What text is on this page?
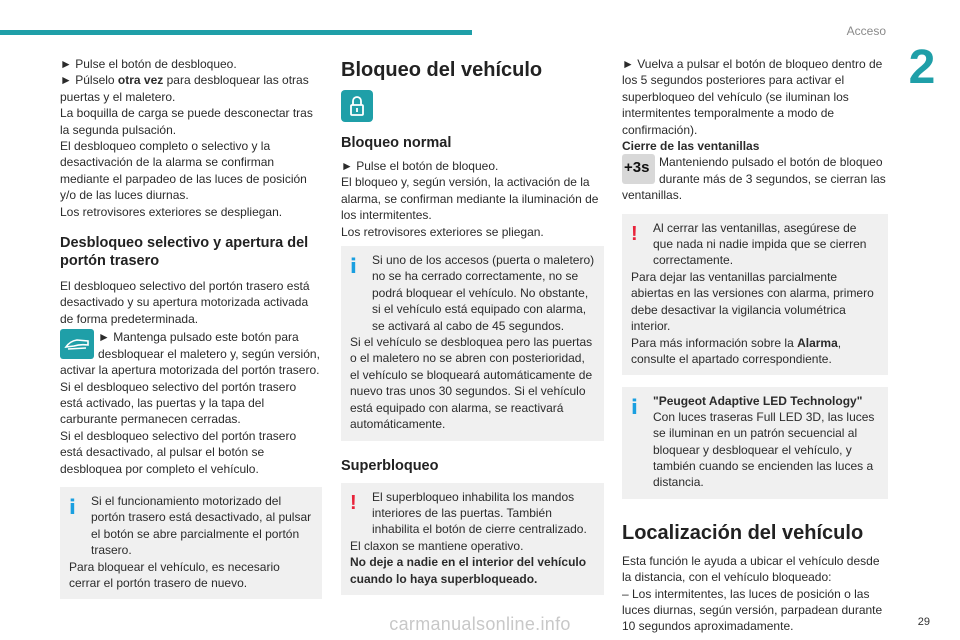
Acceso
2

► Pulse el botón de desbloqueo.

► Púlselo otra vez para desbloquear las otras puertas y el maletero.

La boquilla de carga se puede desconectar tras la segunda pulsación.

El desbloqueo completo o selectivo y la desactivación de la alarma se confirman mediante el parpadeo de las luces de posición y/o de las luces diurnas.

Los retrovisores exteriores se despliegan.

Desbloqueo selectivo y apertura del portón trasero

El desbloqueo selectivo del portón trasero está desactivado y su apertura motorizada activada de forma predeterminada.

► Mantenga pulsado este botón para desbloquear el maletero y, según versión, activar la apertura motorizada del portón trasero.

Si el desbloqueo selectivo del portón trasero está activado, las puertas y la tapa del carburante permanecen cerradas.

Si el desbloqueo selectivo del portón trasero está desactivado, al pulsar el botón se desbloquea por completo el vehículo.

i	Si el funcionamiento motorizado del portón trasero está desactivado, al pulsar el botón se abre parcialmente el portón trasero.

Para bloquear el vehículo, es necesario cerrar el portón trasero de nuevo.

Bloqueo del vehículo
Bloqueo normal

► Pulse el botón de bloqueo.

El bloqueo y, según versión, la activación de la alarma, se confirman mediante la iluminación de los intermitentes.

Los retrovisores exteriores se pliegan.

i	Si uno de los accesos (puerta o maletero) no se ha cerrado correctamente, no se podrá bloquear el vehículo. No obstante, si el vehículo está equipado con alarma, se activará al cabo de 45 segundos.

Si el vehículo se desbloquea pero las puertas o el maletero no se abren con posterioridad, el vehículo se bloqueará automáticamente de nuevo tras unos 30 segundos. Si el vehículo está equipado con alarma, se reactivará automáticamente.

Superbloqueo
!	El superbloqueo inhabilita los mandos interiores de las puertas. También inhabilita el botón de cierre centralizado.

El claxon se mantiene operativo.

No deje a nadie en el interior del vehículo cuando lo haya superbloqueado.

► Vuelva a pulsar el botón de bloqueo dentro de los 5 segundos posteriores para activar el superbloqueo del vehículo (se iluminan los intermitentes temporalmente a modo de confirmación).

Cierre de las ventanillas

+3s Manteniendo pulsado el botón de bloqueo durante más de 3 segundos, se cierran las ventanillas.

!	Al cerrar las ventanillas, asegúrese de que nada ni nadie impida que se cierren correctamente.

Para dejar las ventanillas parcialmente abiertas en las versiones con alarma, primero debe desactivar la vigilancia volumétrica interior.

Para más información sobre la Alarma, consulte el apartado correspondiente.

i	"Peugeot Adaptive LED Technology"

Con luces traseras Full LED 3D, las luces se iluminan en un patrón secuencial al bloquear y desbloquear el vehículo, y también cuando se encienden las luces a distancia.

Localización del vehículo

Esta función le ayuda a ubicar el vehículo desde la distancia, con el vehículo bloqueado:

– Los intermitentes, las luces de posición o las luces diurnas, según versión, parpadean durante 10 segundos aproximadamente.

carmanualsonline.info	29
